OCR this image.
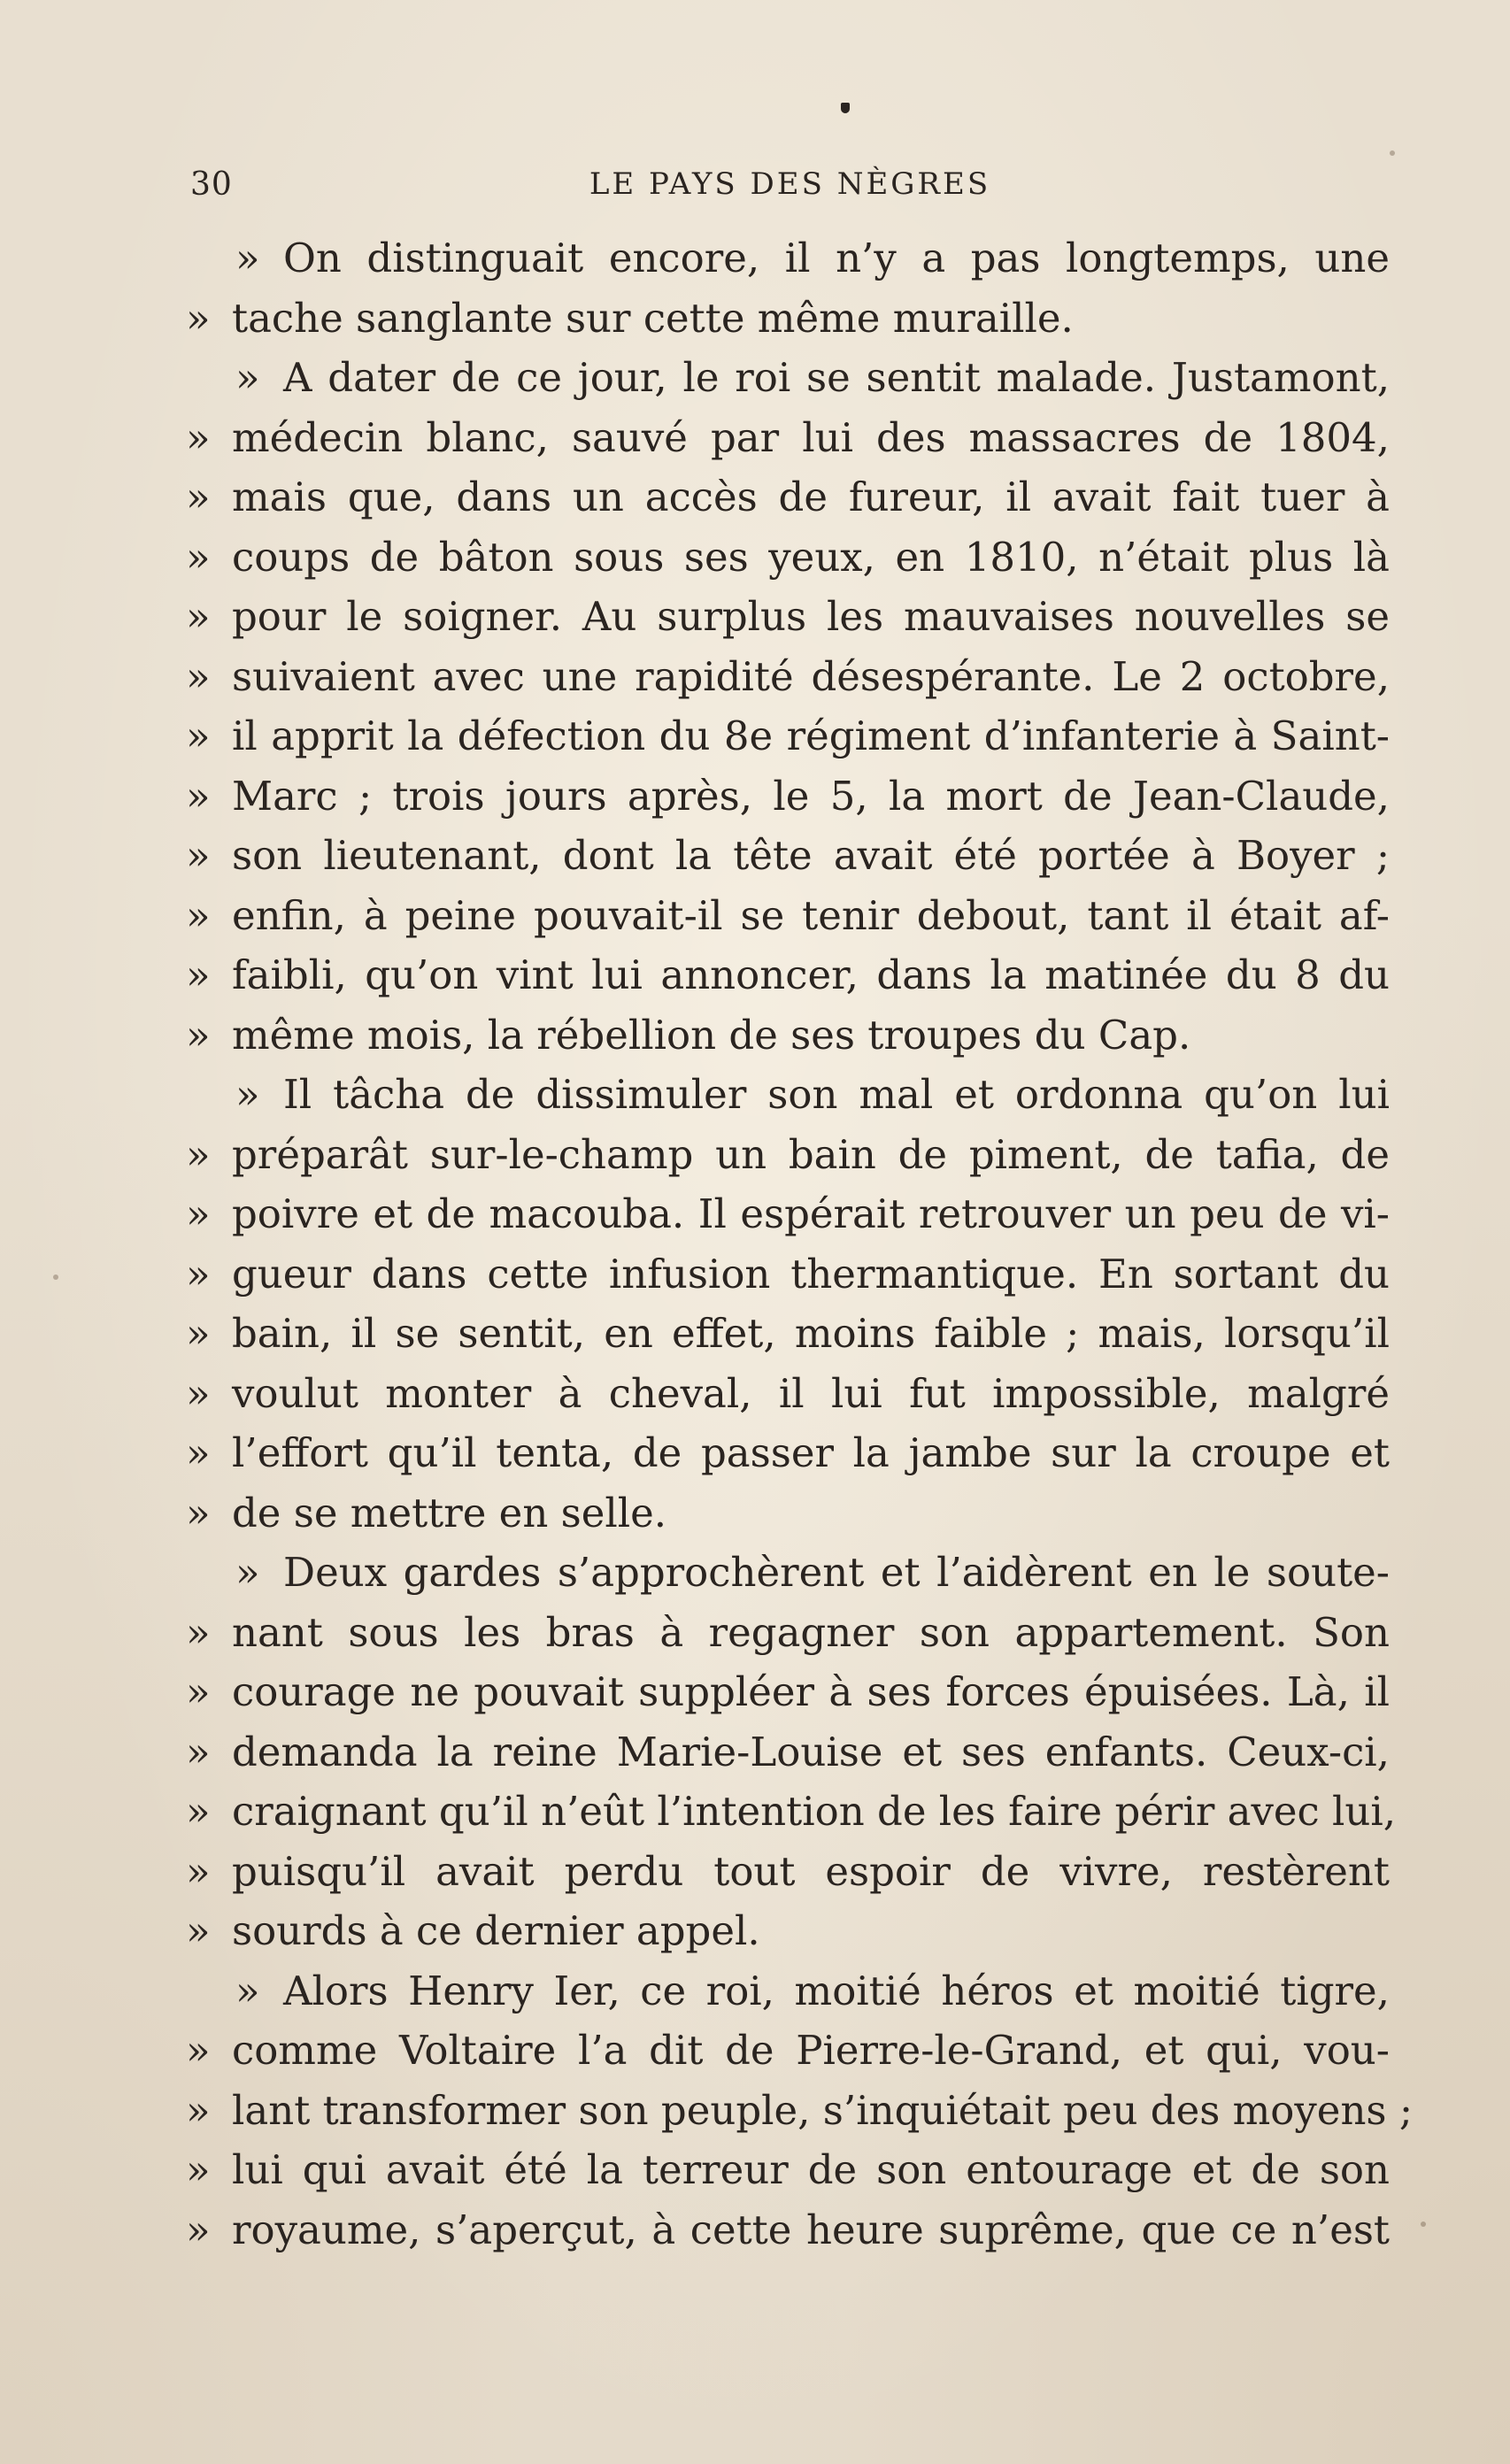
30	LE PAYS DES NÈGRES
» On distinguait encore, il n’y a pas longtemps, une
» tache sanglante sur cette même muraille.
» A dater de ce jour, le roi se sentit malade. Justamont,
» médecin blanc, sauvé par lui des massacres de 1804,
» mais que, dans un accès de fureur, il avait fait tuer à
» coups de bâton sous ses yeux, en 1810, n’était plus là
» pour le soigner. Au surplus les mauvaises nouvelles se
» suivaient avec une rapidité désespérante. Le 2 octobre,
» il apprit la défection du 8e régiment d’infanterie à Saint-
» Marc ; trois jours après, le 5, la mort de Jean-Claude,
» son lieutenant, dont la tête avait été portée à Boyer ;
» enfin, à peine pouvait-il se tenir debout, tant il était af-
» faibli, qu’on vint lui annoncer, dans la matinée du 8 du
» même mois, la rébellion de ses troupes du Cap.
» Il tâcha de dissimuler son mal et ordonna qu’on lui
» préparât sur-le-champ un bain de piment, de tafia, de
» poivre et de macouba. Il espérait retrouver un peu de vi-
» gueur dans cette infusion thermantique. En sortant du
» bain, il se sentit, en effet, moins faible ; mais, lorsqu’il
» voulut monter à cheval, il lui fut impossible, malgré
» l’effort qu’il tenta, de passer la jambe sur la croupe et
» de se mettre en selle.
» Deux gardes s’approchèrent et l’aidèrent en le soute-
» nant sous les bras à regagner son appartement. Son
» courage ne pouvait suppléer à ses forces épuisées. Là, il
» demanda la reine Marie-Louise et ses enfants. Ceux-ci,
» craignant qu’il n’eût l’intention de les faire périr avec lui,
» puisqu’il avait perdu tout espoir de vivre, restèrent
» sourds à ce dernier appel.
» Alors Henry Ier, ce roi, moitié héros et moitié tigre,
» comme Voltaire l’a dit de Pierre-le-Grand, et qui, vou-
» lant transformer son peuple, s’inquiétait peu des moyens ;
» lui qui avait été la terreur de son entourage et de son
» royaume, s’aperçut, à cette heure suprême, que ce n’est
